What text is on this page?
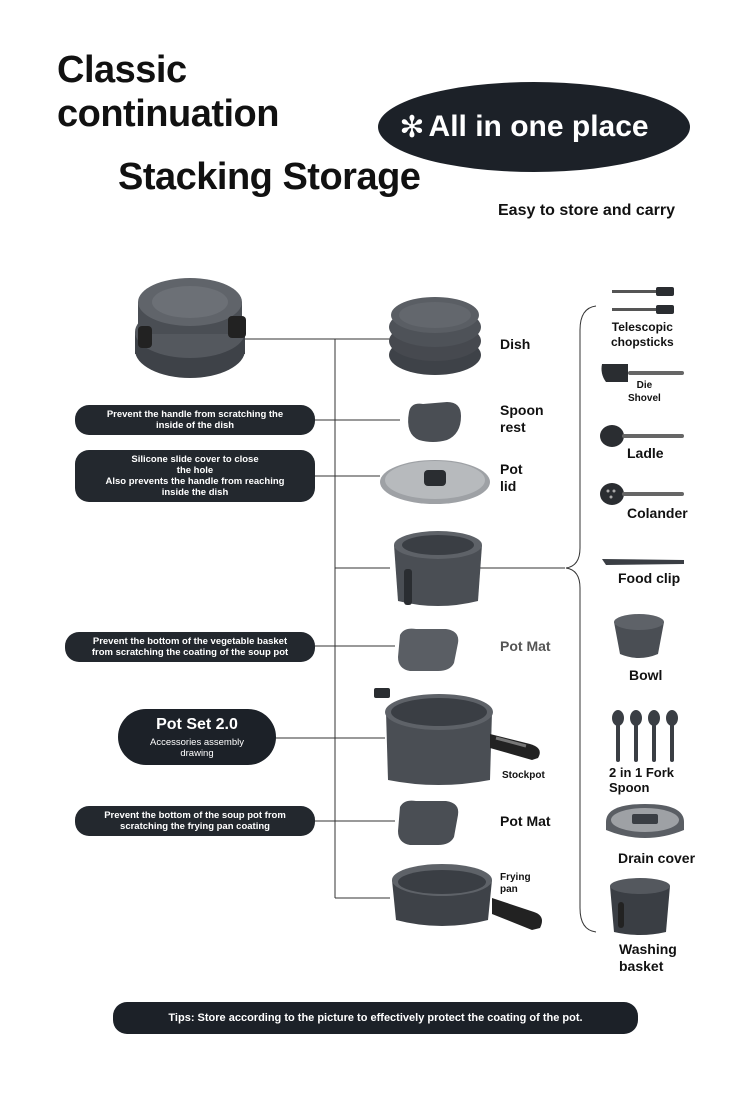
Classic
continuation
Stacking Storage
✻ All in one place
Easy to store and carry
Prevent the handle from scratching the inside of the dish
Silicone slide cover to close the hole
Also prevents the handle from reaching inside the dish
Prevent the bottom of the vegetable basket from scratching the coating of the soup pot
Pot Set 2.0
Accessories assembly
drawing
Prevent the bottom of the soup pot from scratching the frying pan coating
Dish
Spoon
rest
Pot
lid
Pot Mat
Stockpot
Pot Mat
Frying
pan
Telescopic
chopsticks
Die
Shovel
Ladle
Colander
Food clip
Bowl
2 in 1 Fork
Spoon
Drain cover
Washing
basket
Tips: Store according to the picture to effectively protect the coating of the pot.
